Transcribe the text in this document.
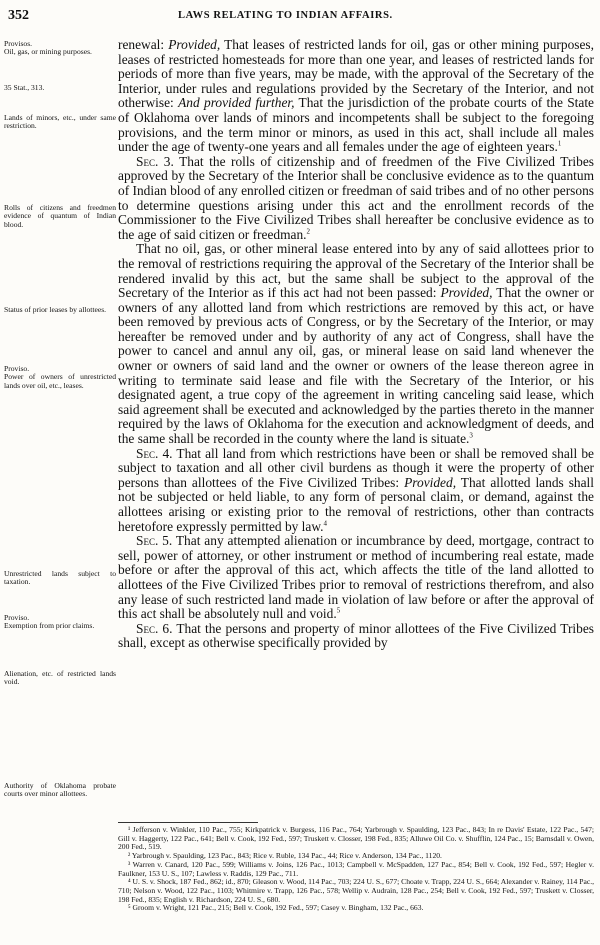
352	LAWS RELATING TO INDIAN AFFAIRS.
Provisos.
Oil, gas, or mining purposes.
35 Stat., 313.
Lands of minors, etc., under same restriction.
Rolls of citizens and freedmen evidence of quantum of Indian blood.
Status of prior leases by allottees.
Proviso.
Power of owners of unrestricted lands over oil, etc., leases.
Unrestricted lands subject to taxation.
Proviso.
Exemption from prior claims.
Alienation, etc. of restricted lands void.
Authority of Oklahoma probate courts over minor allottees.

renewal: Provided, That leases of restricted lands for oil, gas or other mining purposes, leases of restricted homesteads for more than one year, and leases of restricted lands for periods of more than five years, may be made, with the approval of the Secretary of the Interior, under rules and regulations provided by the Secretary of the Interior, and not otherwise: And provided further, That the jurisdiction of the probate courts of the State of Oklahoma over lands of minors and incompetents shall be subject to the foregoing provisions, and the term minor or minors, as used in this act, shall include all males under the age of twenty-one years and all females under the age of eighteen years.$^1$

Sec. 3. That the rolls of citizenship and of freedmen of the Five Civilized Tribes approved by the Secretary of the Interior shall be conclusive evidence as to the quantum of Indian blood of any enrolled citizen or freedman of said tribes and of no other persons to determine questions arising under this act and the enrollment records of the Commissioner to the Five Civilized Tribes shall hereafter be conclusive evidence as to the age of said citizen or freedman.$^2$

That no oil, gas, or other mineral lease entered into by any of said allottees prior to the removal of restrictions requiring the approval of the Secretary of the Interior shall be rendered invalid by this act, but the same shall be subject to the approval of the Secretary of the Interior as if this act had not been passed: Provided, That the owner or owners of any allotted land from which restrictions are removed by this act, or have been removed by previous acts of Congress, or by the Secretary of the Interior, or may hereafter be removed under and by authority of any act of Congress, shall have the power to cancel and annul any oil, gas, or mineral lease on said land whenever the owner or owners of said land and the owner or owners of the lease thereon agree in writing to terminate said lease and file with the Secretary of the Interior, or his designated agent, a true copy of the agreement in writing canceling said lease, which said agreement shall be executed and acknowledged by the parties thereto in the manner required by the laws of Oklahoma for the execution and acknowledgment of deeds, and the same shall be recorded in the county where the land is situate.$^3$

Sec. 4. That all land from which restrictions have been or shall be removed shall be subject to taxation and all other civil burdens as though it were the property of other persons than allottees of the Five Civilized Tribes: Provided, That allotted lands shall not be subjected or held liable, to any form of personal claim, or demand, against the allottees arising or existing prior to the removal of restrictions, other than contracts heretofore expressly permitted by law.$^4$

Sec. 5. That any attempted alienation or incumbrance by deed, mortgage, contract to sell, power of attorney, or other instrument or method of incumbering real estate, made before or after the approval of this act, which affects the title of the land allotted to allottees of the Five Civilized Tribes prior to removal of restrictions therefrom, and also any lease of such restricted land made in violation of law before or after the approval of this act shall be absolutely null and void.$^5$

Sec. 6. That the persons and property of minor allottees of the Five Civilized Tribes shall, except as otherwise specifically provided by

¹ Jefferson v. Winkler, 110 Pac., 755; Kirkpatrick v. Burgess, 116 Pac., 764; Yarbrough v. Spaulding, 123 Pac., 843; In re Davis' Estate, 122 Pac., 547; Gill v. Haggerty, 122 Pac., 641; Bell v. Cook, 192 Fed., 597; Truskett v. Closser, 198 Fed., 835; Alluwe Oil Co. v. Shufflin, 124 Pac., 15; Barnsdall v. Owen, 200 Fed., 519.

² Yarbrough v. Spaulding, 123 Pac., 843; Rice v. Ruble, 134 Pac., 44; Rice v. Anderson, 134 Pac., 1120.

³ Warren v. Canard, 120 Pac., 599; Williams v. Joins, 126 Pac., 1013; Campbell v. McSpadden, 127 Pac., 854; Bell v. Cook, 192 Fed., 597; Hegler v. Faulkner, 153 U. S., 107; Lawless v. Raddis, 129 Pac., 711.

⁴ U. S. v. Shock, 187 Fed., 862; id., 870; Gleason v. Wood, 114 Pac., 703; 224 U. S., 677; Choate v. Trapp, 224 U. S., 664; Alexander v. Rainey, 114 Pac., 710; Nelson v. Wood, 122 Pac., 1103; Whitmire v. Trapp, 126 Pac., 578; Wellip v. Audrain, 128 Pac., 254; Bell v. Cook, 192 Fed., 597; Truskett v. Closser, 198 Fed., 835; English v. Richardson, 224 U. S., 680.

⁵ Groom v. Wright, 121 Pac., 215; Bell v. Cook, 192 Fed., 597; Casey v. Bingham, 132 Pac., 663.
